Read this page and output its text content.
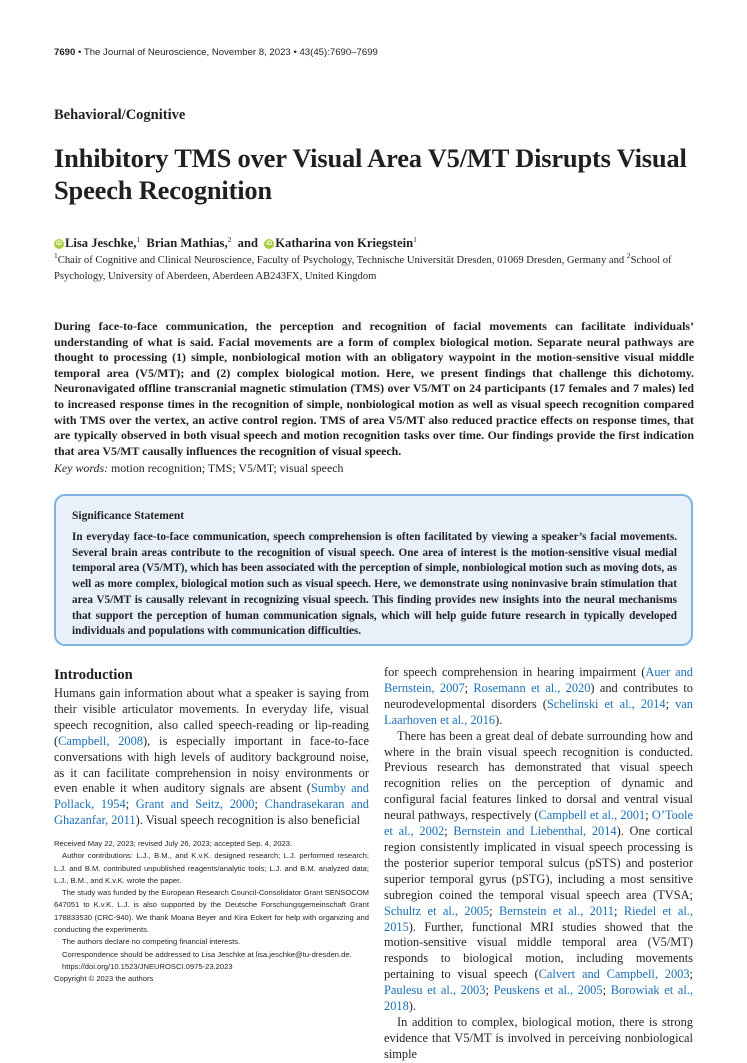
7690 • The Journal of Neuroscience, November 8, 2023 • 43(45):7690–7699
Behavioral/Cognitive
Inhibitory TMS over Visual Area V5/MT Disrupts Visual Speech Recognition
iD Lisa Jeschke,$^1$ Brian Mathias,$^2$ and iD Katharina von Kriegstein$^1$
$^1$Chair of Cognitive and Clinical Neuroscience, Faculty of Psychology, Technische Universität Dresden, 01069 Dresden, Germany and $^2$School of Psychology, University of Aberdeen, Aberdeen AB243FX, United Kingdom
During face-to-face communication, the perception and recognition of facial movements can facilitate individuals’ understanding of what is said. Facial movements are a form of complex biological motion. Separate neural pathways are thought to processing (1) simple, nonbiological motion with an obligatory waypoint in the motion-sensitive visual middle temporal area (V5/MT); and (2) complex biological motion. Here, we present findings that challenge this dichotomy. Neuronavigated offline transcranial magnetic stimulation (TMS) over V5/MT on 24 participants (17 females and 7 males) led to increased response times in the recognition of simple, nonbiological motion as well as visual speech recognition compared with TMS over the vertex, an active control region. TMS of area V5/MT also reduced practice effects on response times, that are typically observed in both visual speech and motion recognition tasks over time. Our findings provide the first indication that area V5/MT causally influences the recognition of visual speech.
Key words: motion recognition; TMS; V5/MT; visual speech
Significance Statement
In everyday face-to-face communication, speech comprehension is often facilitated by viewing a speaker’s facial movements. Several brain areas contribute to the recognition of visual speech. One area of interest is the motion-sensitive visual medial temporal area (V5/MT), which has been associated with the perception of simple, nonbiological motion such as moving dots, as well as more complex, biological motion such as visual speech. Here, we demonstrate using noninvasive brain stimulation that area V5/MT is causally relevant in recognizing visual speech. This finding provides new insights into the neural mechanisms that support the perception of human communication signals, which will help guide future research in typically developed individuals and populations with communication difficulties.
Introduction

Humans gain information about what a speaker is saying from their visible articulator movements. In everyday life, visual speech recognition, also called speech-reading or lip-reading (Campbell, 2008), is especially important in face-to-face conversations with high levels of auditory background noise, as it can facilitate comprehension in noisy environments or even enable it when auditory signals are absent (Sumby and Pollack, 1954; Grant and Seitz, 2000; Chandrasekaran and Ghazanfar, 2011). Visual speech recognition is also beneficial

Received May 22, 2023; revised July 26, 2023; accepted Sep. 4, 2023.

Author contributions: L.J., B.M., and K.v.K. designed research; L.J. performed research; L.J. and B.M. contributed unpublished reagents/analytic tools; L.J. and B.M. analyzed data; L.J., B.M., and K.v.K. wrote the paper.

The study was funded by the European Research Council-Consolidator Grant SENSOCOM 647051 to K.v.K. L.J. is also supported by the Deutsche Forschungsgemeinschaft Grant 178833530 (CRC-940). We thank Moana Beyer and Kira Eckert for help with organizing and conducting the experiments.

The authors declare no competing financial interests.

Correspondence should be addressed to Lisa Jeschke at lisa.jeschke@tu-dresden.de.

https://doi.org/10.1523/JNEUROSCI.0975-23.2023

Copyright © 2023 the authors

for speech comprehension in hearing impairment (Auer and Bernstein, 2007; Rosemann et al., 2020) and contributes to neurodevelopmental disorders (Schelinski et al., 2014; van Laarhoven et al., 2016).

There has been a great deal of debate surrounding how and where in the brain visual speech recognition is conducted. Previous research has demonstrated that visual speech recognition relies on the perception of dynamic and configural facial features linked to dorsal and ventral visual neural pathways, respectively (Campbell et al., 2001; O’Toole et al., 2002; Bernstein and Liebenthal, 2014). One cortical region consistently implicated in visual speech processing is the posterior superior temporal sulcus (pSTS) and posterior superior temporal gyrus (pSTG), including a most sensitive subregion coined the temporal visual speech area (TVSA; Schultz et al., 2005; Bernstein et al., 2011; Riedel et al., 2015). Further, functional MRI studies showed that the motion-sensitive visual middle temporal area (V5/MT) responds to biological motion, including movements pertaining to visual speech (Calvert and Campbell, 2003; Paulesu et al., 2003; Peuskens et al., 2005; Borowiak et al., 2018).

In addition to complex, biological motion, there is strong evidence that V5/MT is involved in perceiving nonbiological simple
